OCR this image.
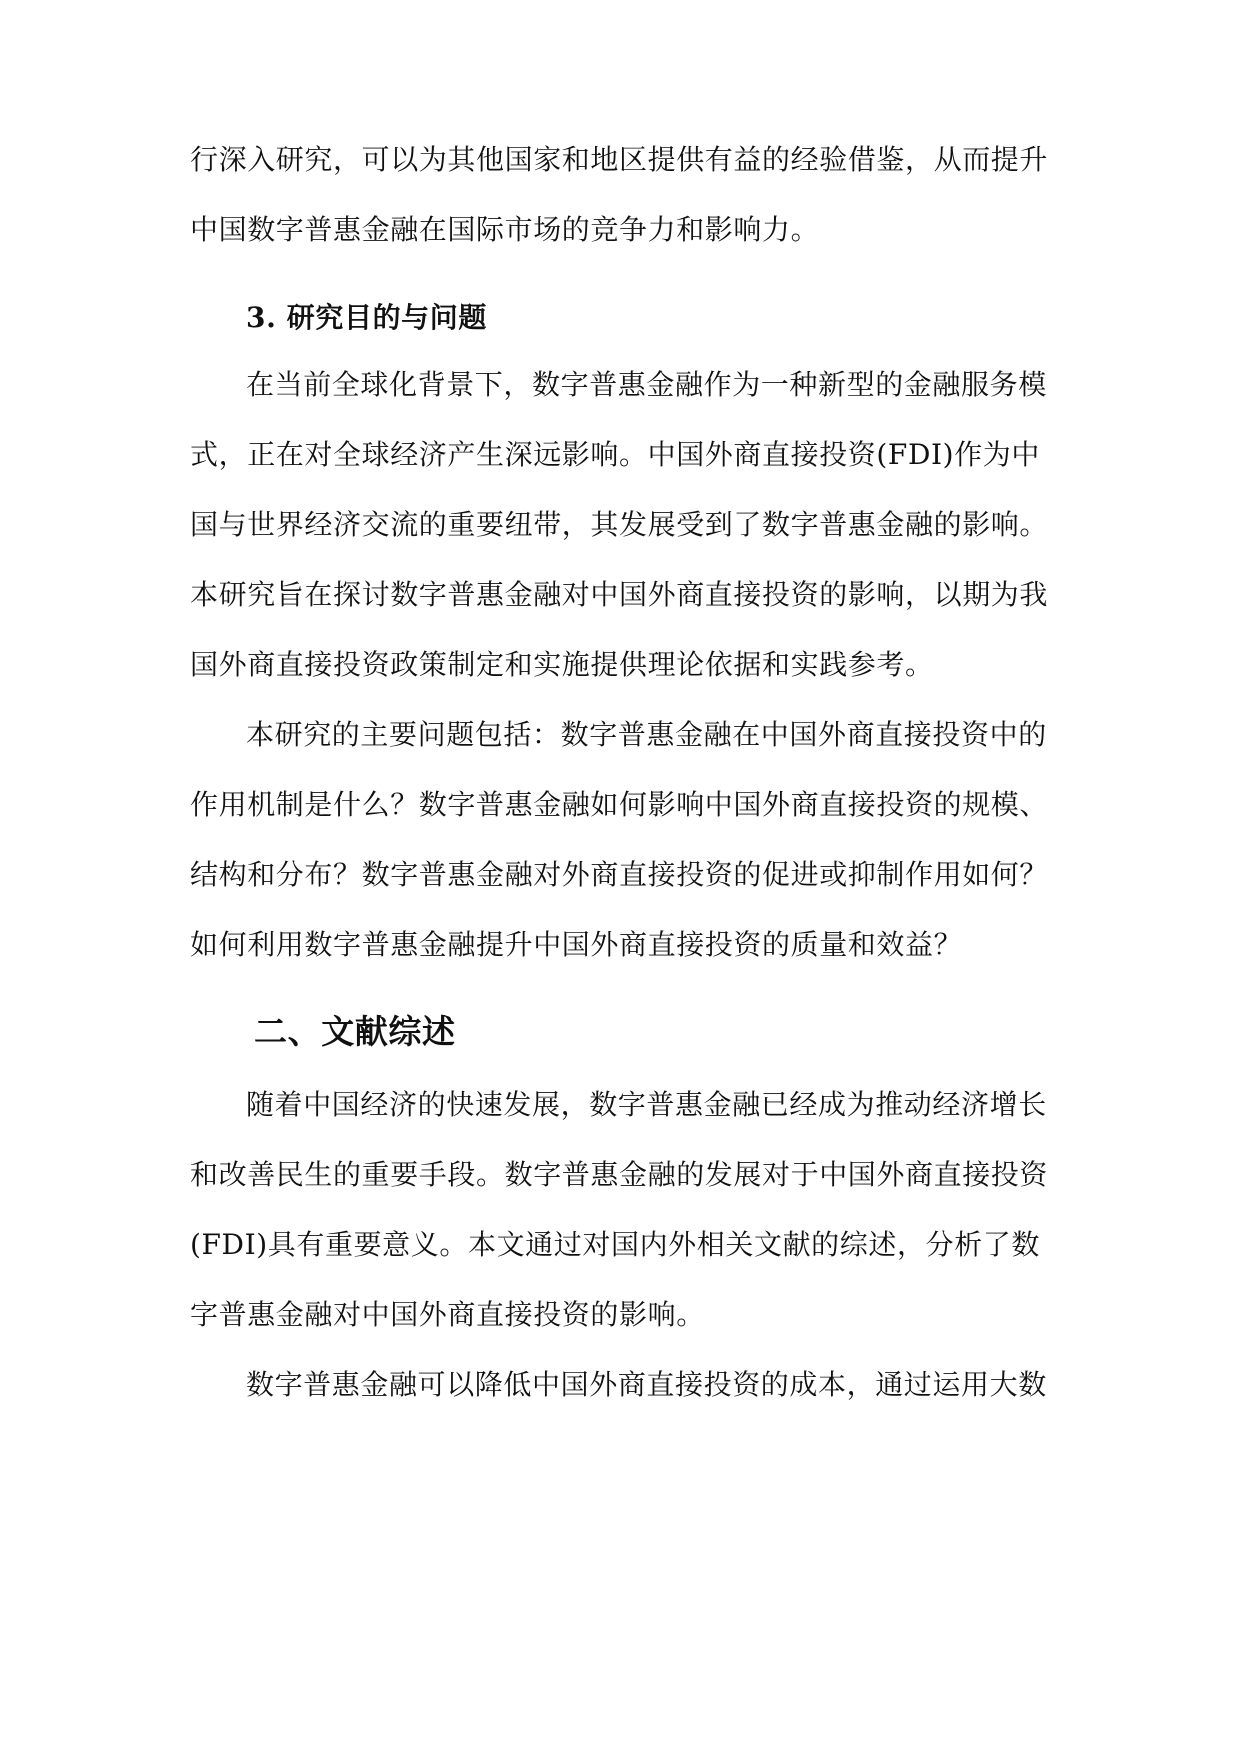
行深入研究，可以为其他国家和地区提供有益的经验借鉴，从而提升
中国数字普惠金融在国际市场的竞争力和影响力。
3. 研究目的与问题
在当前全球化背景下，数字普惠金融作为一种新型的金融服务模
式，正在对全球经济产生深远影响。中国外商直接投资(FDI)作为中
国与世界经济交流的重要纽带，其发展受到了数字普惠金融的影响。
本研究旨在探讨数字普惠金融对中国外商直接投资的影响，以期为我
国外商直接投资政策制定和实施提供理论依据和实践参考。
本研究的主要问题包括：数字普惠金融在中国外商直接投资中的
作用机制是什么？数字普惠金融如何影响中国外商直接投资的规模、
结构和分布？数字普惠金融对外商直接投资的促进或抑制作用如何？
如何利用数字普惠金融提升中国外商直接投资的质量和效益？
二、文献综述
随着中国经济的快速发展，数字普惠金融已经成为推动经济增长
和改善民生的重要手段。数字普惠金融的发展对于中国外商直接投资
(FDI)具有重要意义。本文通过对国内外相关文献的综述，分析了数
字普惠金融对中国外商直接投资的影响。
数字普惠金融可以降低中国外商直接投资的成本，通过运用大数
